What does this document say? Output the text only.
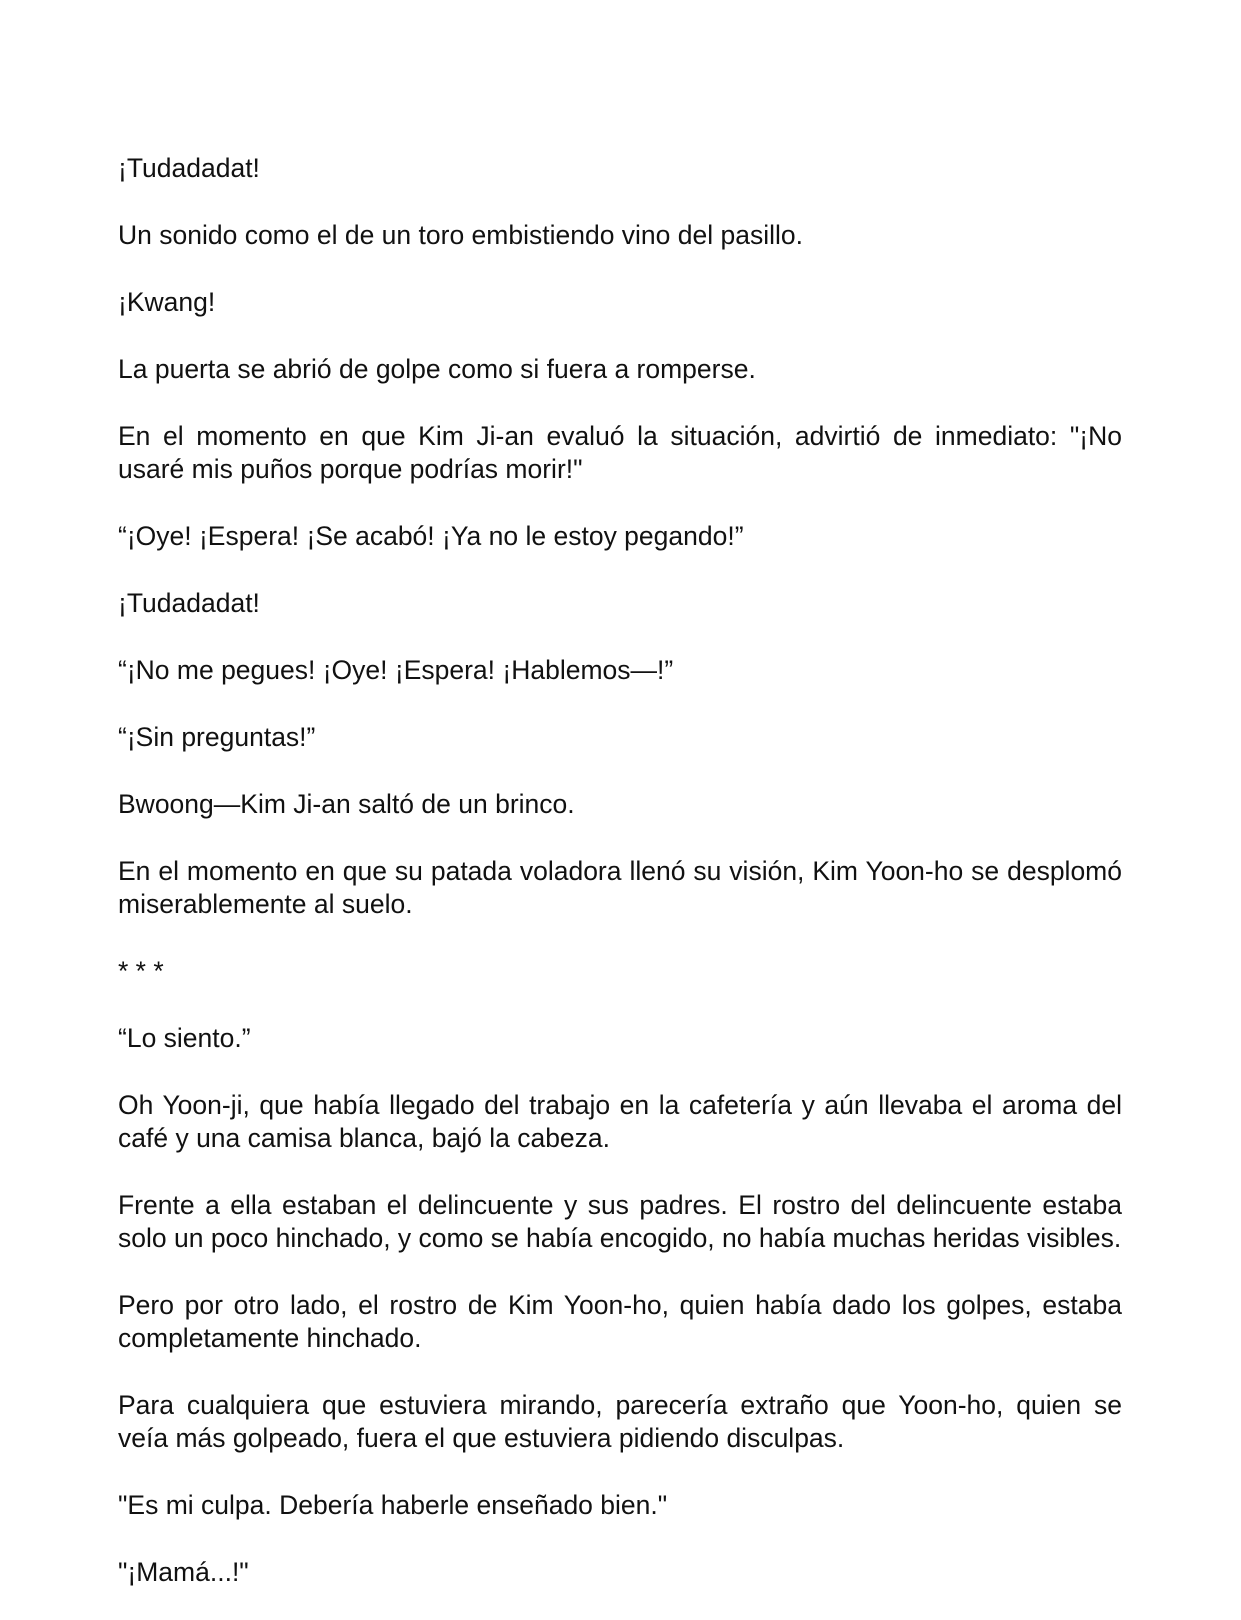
¡Tudadadat!

Un sonido como el de un toro embistiendo vino del pasillo.

¡Kwang!

La puerta se abrió de golpe como si fuera a romperse.

En el momento en que Kim Ji-an evaluó la situación, advirtió de inmediato: "¡No usaré mis puños porque podrías morir!"

“¡Oye! ¡Espera! ¡Se acabó! ¡Ya no le estoy pegando!”

¡Tudadadat!

“¡No me pegues! ¡Oye! ¡Espera! ¡Hablemos—!”

“¡Sin preguntas!”

Bwoong—Kim Ji-an saltó de un brinco.

En el momento en que su patada voladora llenó su visión, Kim Yoon-ho se desplomó miserablemente al suelo.

* * *

“Lo siento.”

Oh Yoon-ji, que había llegado del trabajo en la cafetería y aún llevaba el aroma del café y una camisa blanca, bajó la cabeza.

Frente a ella estaban el delincuente y sus padres. El rostro del delincuente estaba solo un poco hinchado, y como se había encogido, no había muchas heridas visibles.

Pero por otro lado, el rostro de Kim Yoon-ho, quien había dado los golpes, estaba completamente hinchado.

Para cualquiera que estuviera mirando, parecería extraño que Yoon-ho, quien se veía más golpeado, fuera el que estuviera pidiendo disculpas.

"Es mi culpa. Debería haberle enseñado bien."

"¡Mamá...!"
